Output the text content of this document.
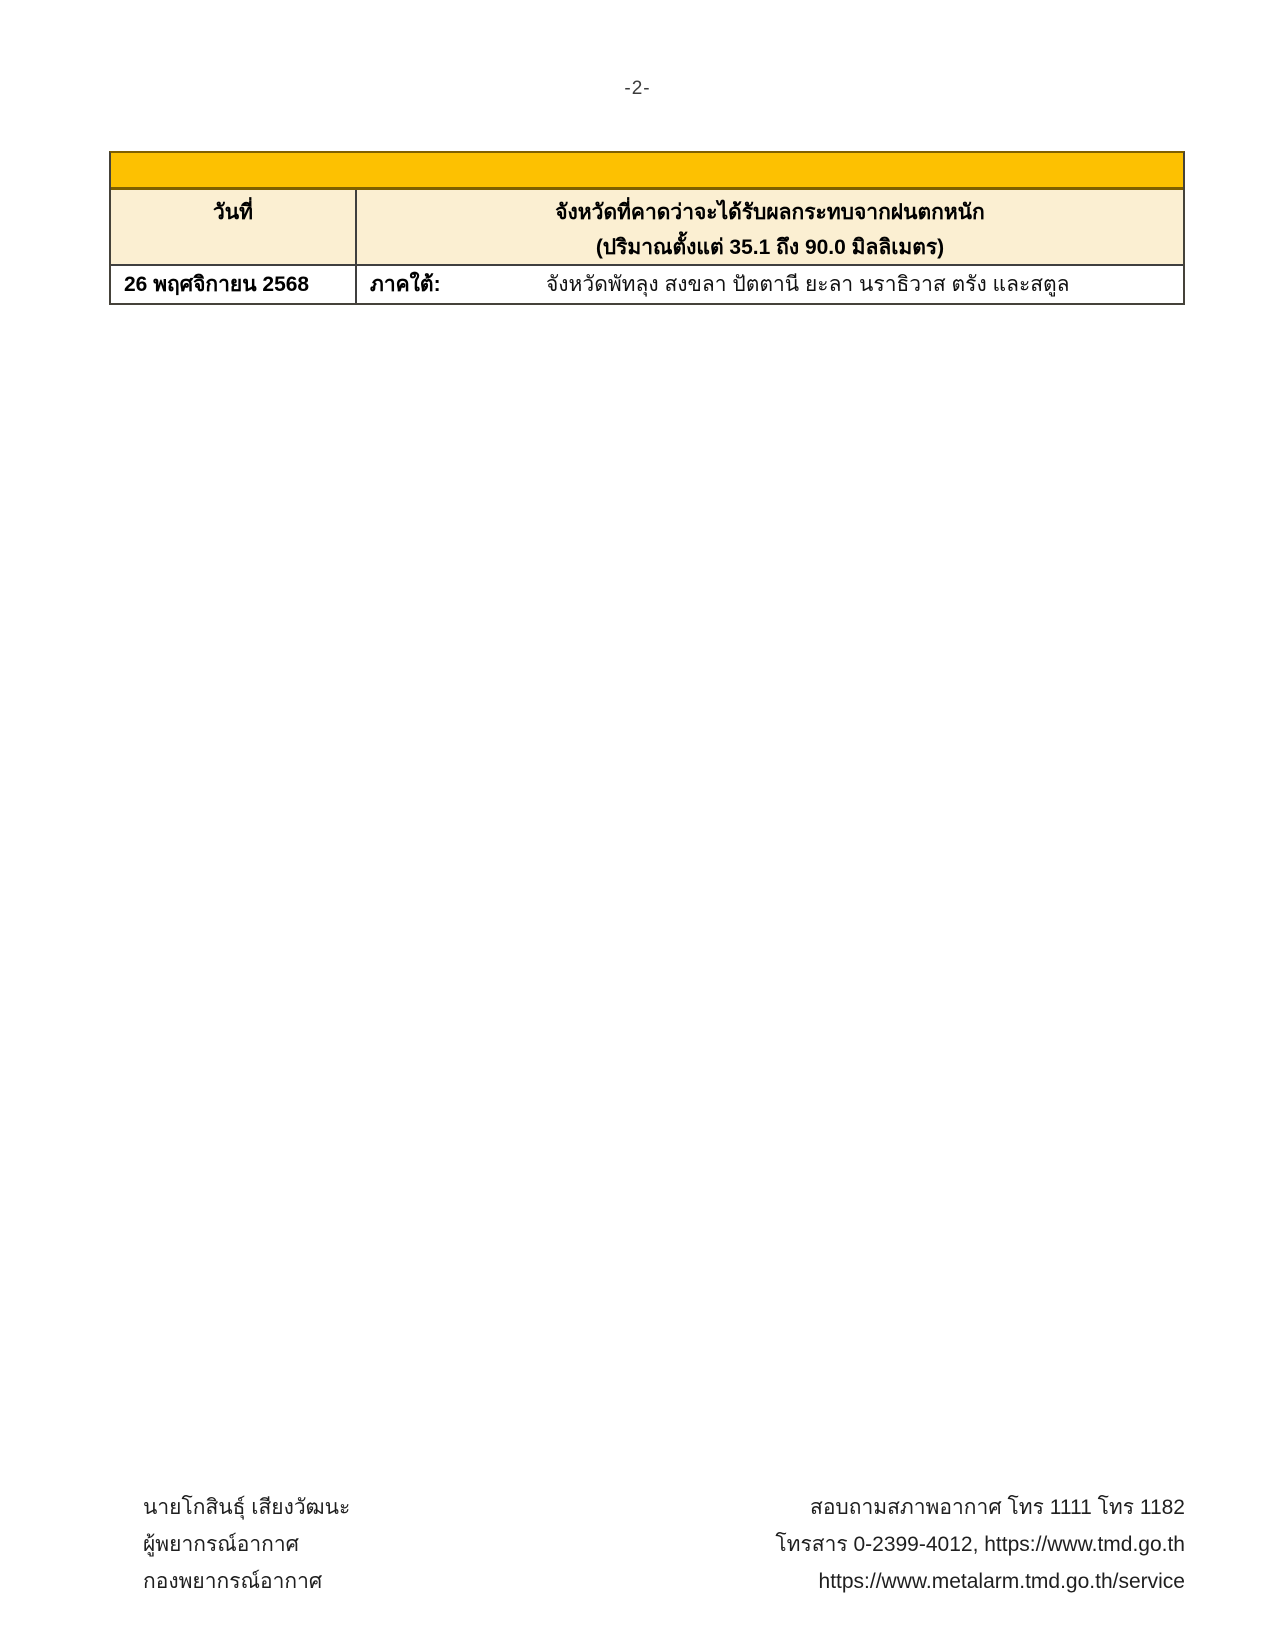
-2-
วันที่	จังหวัดที่คาดว่าจะได้รับผลกระทบจากฝนตกหนัก
(ปริมาณตั้งแต่ 35.1 ถึง 90.0 มิลลิเมตร)
26 พฤศจิกายน 2568	ภาคใต้:	จังหวัดพัทลุง สงขลา ปัตตานี ยะลา นราธิวาส ตรัง และสตูล
นายโกสินธุ์ เสียงวัฒนะ
ผู้พยากรณ์อากาศ
กองพยากรณ์อากาศ
สอบถามสภาพอากาศ โทร 1111 โทร 1182
โทรสาร 0-2399-4012, https://www.tmd.go.th
https://www.metalarm.tmd.go.th/service
